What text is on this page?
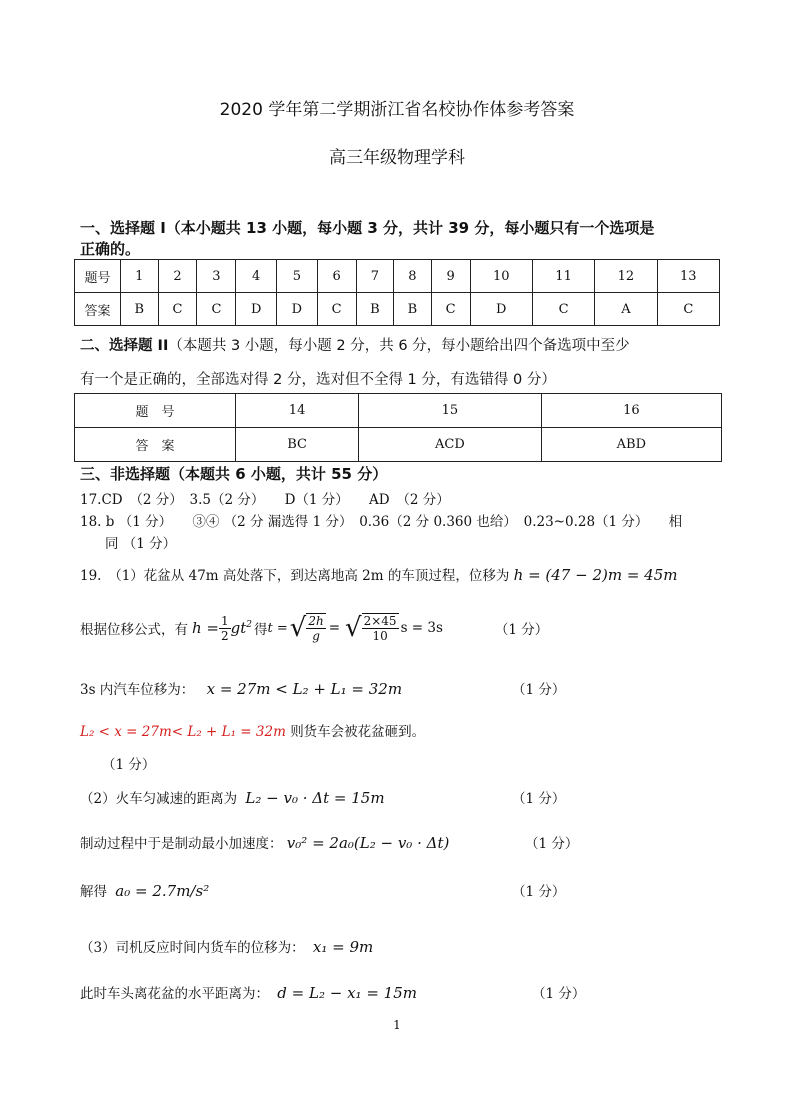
2020 学年第二学期浙江省名校协作体参考答案
高三年级物理学科
一、选择题 I（本小题共 13 小题，每小题 3 分，共计 39 分，每小题只有一个选项是
正确的。
题号	1	2	3	4	5	6	7	8	9	10	11	12	13
答案	B	C	C	D	D	C	B	B	C	D	C	A	C
二、选择题 II（本题共 3 小题，每小题 2 分，共 6 分，每小题给出四个备选项中至少
有一个是正确的，全部选对得 2 分，选对但不全得 1 分，有选错得 0 分）
题　号	14	15	16
答　案	BC	ACD	ABD
三、非选择题（本题共 6 小题，共计 55 分）
17.CD　（2 分）　3.5（2 分）　　D（1 分）　　AD　（2 分）
18. b （1 分）　　③④ （2 分 漏选得 1 分）　0.36（2 分 0.360 也给）　0.23~0.28（1 分）　　相
同 （1 分）
19.　（1）花盆从 47m 高处落下，到达离地高 2m 的车顶过程，位移为 h = (47 − 2)m = 45m
根据位移公式，有 $h = \frac{1}{2} gt^2$ 得 t = √ $\frac{2h}{g}$ = √ $\frac{2\times 45}{10}$ s = 3s	（1 分）
3s 内汽车位移为： x = 27m < L₂ + L₁ = 32m	（1 分）
L₂ < x = 27m< L₂ + L₁ = 32m 则货车会被花盆砸到。
（1 分）
（2）火车匀减速的距离为 L₂ − v₀ · Δt = 15m	（1 分）
制动过程中于是制动最小加速度： v₀² = 2a₀(L₂ − v₀ · Δt)	（1 分）
解得 a₀ = 2.7m/s²	（1 分）
（3）司机反应时间内货车的位移为： x₁ = 9m
此时车头离花盆的水平距离为： d = L₂ − x₁ = 15m	（1 分）
1
